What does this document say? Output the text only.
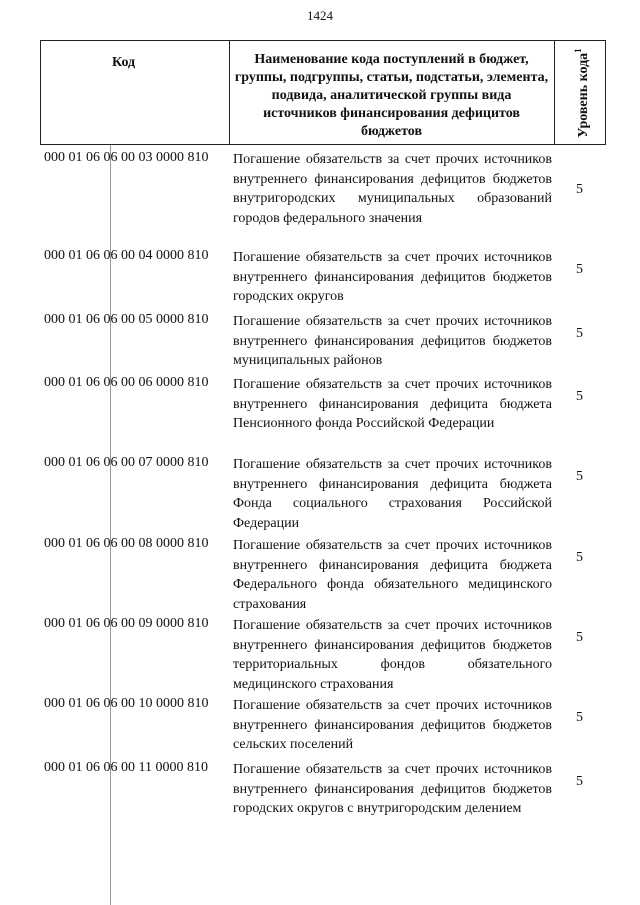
1424
Код	Наименование кода поступлений в бюджет, группы, подгруппы, статьи, подстатьи, элемента, подвида, аналитической группы вида источников финансирования дефицитов бюджетов	Уровень кода$^1$
000 01 06 06 00 03 0000 810 Погашение обязательств за счет прочих источников внутреннего финансирования дефицитов бюджетов внутригородских муниципальных образований городов федерального значения
5
000 01 06 06 00 04 0000 810 Погашение обязательств за счет прочих источников внутреннего финансирования дефицитов бюджетов городских округов
5
000 01 06 06 00 05 0000 810 Погашение обязательств за счет прочих источников внутреннего финансирования дефицитов бюджетов муниципальных районов
5
000 01 06 06 00 06 0000 810 Погашение обязательств за счет прочих источников внутреннего финансирования дефицита бюджета Пенсионного фонда Российской Федерации
5
000 01 06 06 00 07 0000 810 Погашение обязательств за счет прочих источников внутреннего финансирования дефицита бюджета Фонда социального страхования Российской Федерации
5
000 01 06 06 00 08 0000 810 Погашение обязательств за счет прочих источников внутреннего финансирования дефицита бюджета Федерального фонда обязательного медицинского страхования
5
000 01 06 06 00 09 0000 810 Погашение обязательств за счет прочих источников внутреннего финансирования дефицитов бюджетов территориальных фондов обязательного медицинского страхования
5
000 01 06 06 00 10 0000 810 Погашение обязательств за счет прочих источников внутреннего финансирования дефицитов бюджетов сельских поселений
5
000 01 06 06 00 11 0000 810 Погашение обязательств за счет прочих источников внутреннего финансирования дефицитов бюджетов городских округов с внутригородским делением
5
